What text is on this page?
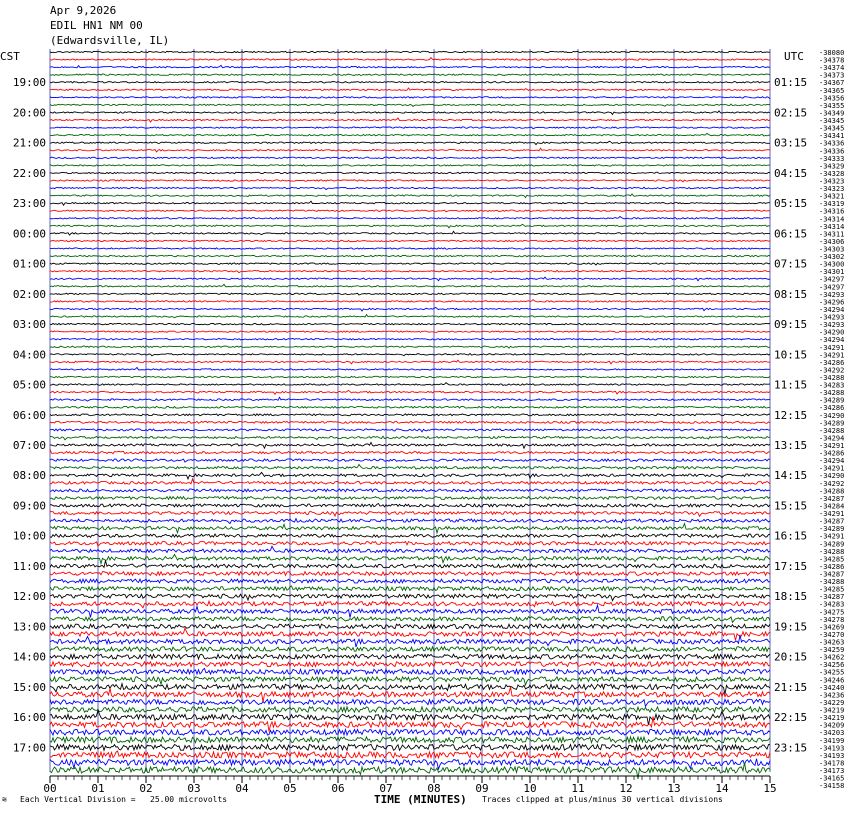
Apr 9,2026
EDIL HN1 NM 00
(Edwardsville, IL)
CST	UTC -38080
-34378
-34374
-34373
-34367
-34365
-34356
-34355
-34349
-34345
-34345
-34341
-34336
-34336
-34333
-34329
-34328
-34323
-34323
-34321
-34319
-34316
-34314
-34314
-34311
-34306
-34303
-34302
-34300
-34301
-34297
-34297
-34293
-34296
-34294
-34293
-34293
-34290
-34294
-34291
-34291
-34286
-34292
-34288
-34283
-34288
-34289
-34286
-34290
-34289
-34288
-34294
-34291
-34286
-34294
-34291
-34290
-34292
-34288
-34287
-34284
-34291
-34287
-34289
-34291
-34289
-34288
-34285
-34286
-34287
-34288
-34285
-34287
-34283
-34275
-34278
-34269
-34270
-34263
-34259
-34262
-34256
-34255
-34246
-34240
-34236
-34229
-34219
-34219
-34209
-34203
-34199
-34193
-34193
-34178
-34173
-34165
-34158
19:00
20:00
21:00
22:00
23:00
00:00
01:00
02:00
03:00
04:00
05:00
06:00
07:00
08:00
09:00
10:00
11:00
12:00
13:00
14:00
15:00
16:00
17:00
01:15
02:15
03:15
04:15
05:15
06:15
07:15
08:15
09:15
10:15
11:15
12:15
13:15
14:15
15:15
16:15
17:15
18:15
19:15
20:15
21:15
22:15
23:15
00	01	02	03	04	05	06	07	08	09	10	11	12	13	14	15
≋ Each Vertical Division =   25.00 microvolts	TIME (MINUTES) Traces clipped at plus/minus 30 vertical divisions
